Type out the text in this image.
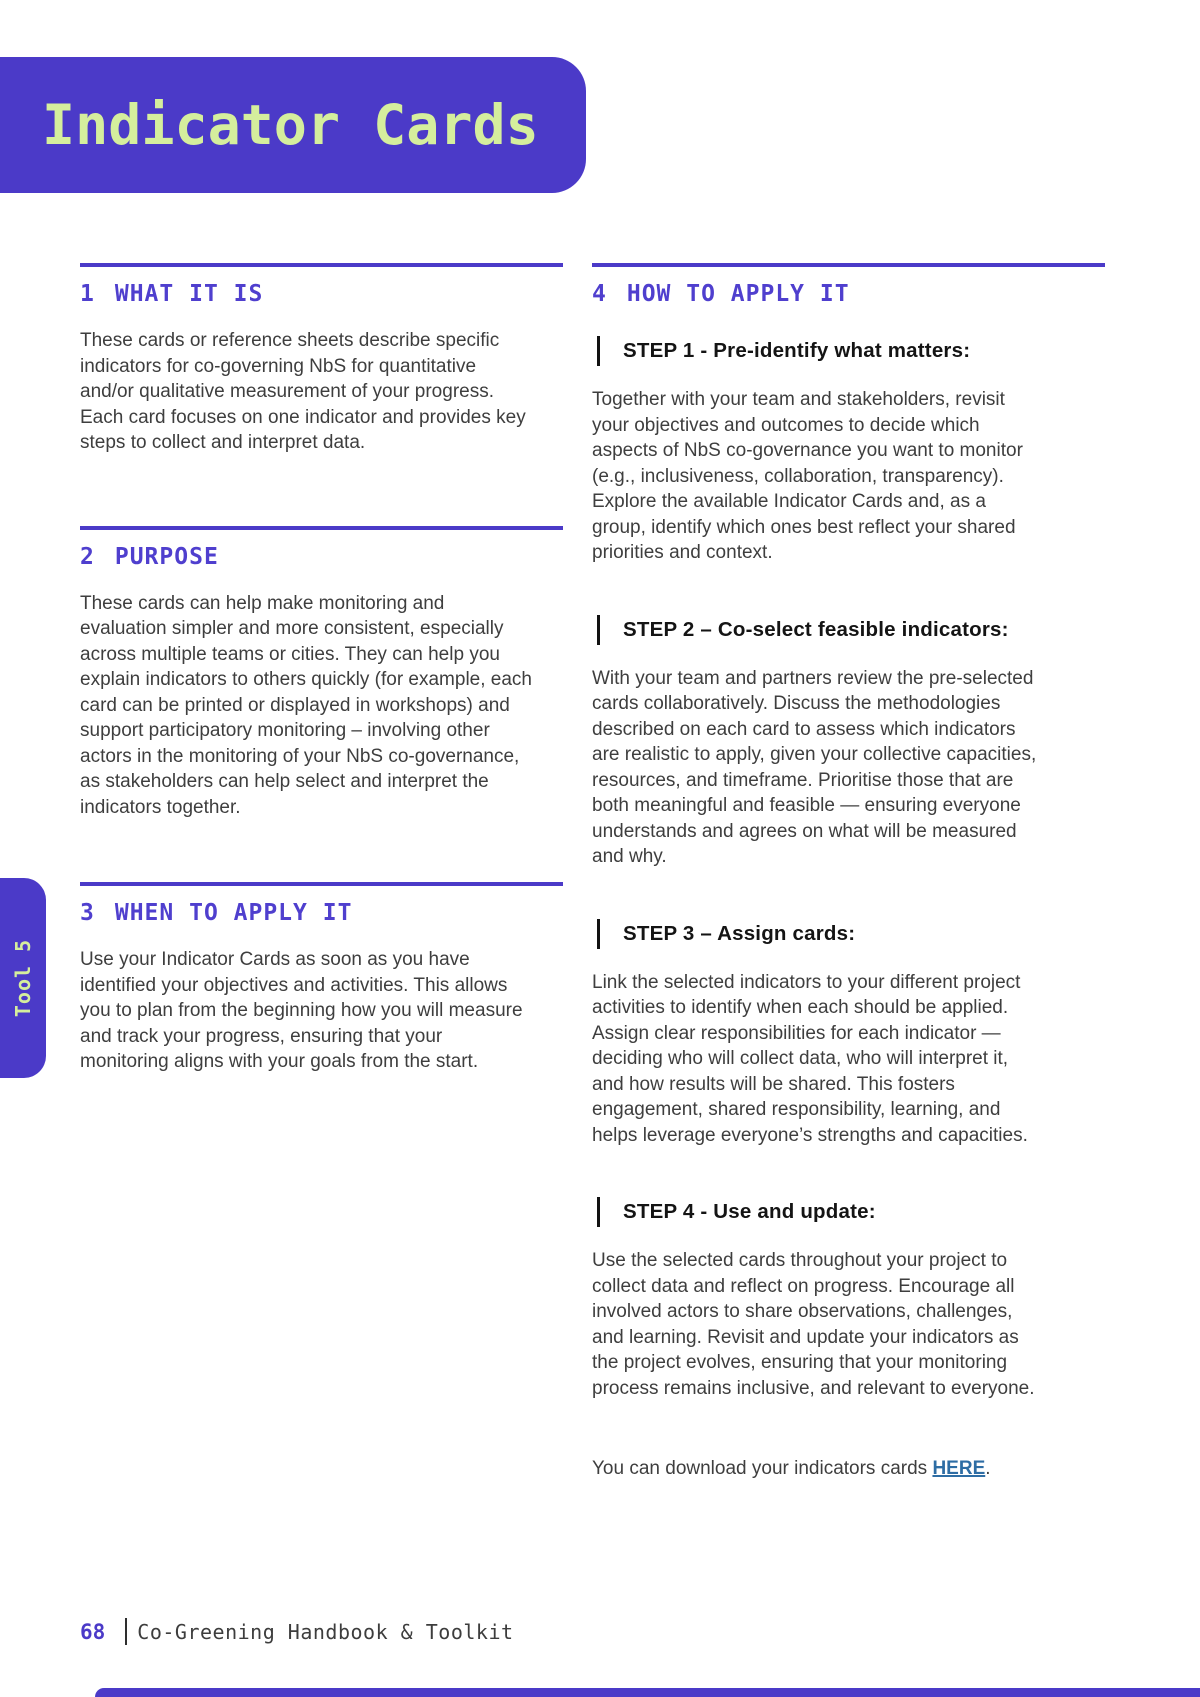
Indicator Cards
1 WHAT IT IS

These cards or reference sheets describe specific indicators for co-governing NbS for quantitative and/or qualitative measurement of your progress. Each card focuses on one indicator and provides key steps to collect and interpret data.

2 PURPOSE

These cards can help make monitoring and evaluation simpler and more consistent, especially across multiple teams or cities. They can help you explain indicators to others quickly (for example, each card can be printed or displayed in workshops) and support participatory monitoring – involving other actors in the monitoring of your NbS co-governance, as stakeholders can help select and interpret the indicators together.

3 WHEN TO APPLY IT

Use your Indicator Cards as soon as you have identified your objectives and activities. This allows you to plan from the beginning how you will measure and track your progress, ensuring that your monitoring aligns with your goals from the start.

4 HOW TO APPLY IT
STEP 1 - Pre-identify what matters:

Together with your team and stakeholders, revisit your objectives and outcomes to decide which aspects of NbS co-governance you want to monitor (e.g., inclusiveness, collaboration, transparency). Explore the available Indicator Cards and, as a group, identify which ones best reflect your shared priorities and context.

STEP 2 – Co-select feasible indicators:

With your team and partners review the pre-selected cards collaboratively. Discuss the methodologies described on each card to assess which indicators are realistic to apply, given your collective capacities, resources, and timeframe. Prioritise those that are both meaningful and feasible — ensuring everyone understands and agrees on what will be measured and why.

STEP 3 – Assign cards:

Link the selected indicators to your different project activities to identify when each should be applied. Assign clear responsibilities for each indicator — deciding who will collect data, who will interpret it, and how results will be shared. This fosters engagement, shared responsibility, learning, and helps leverage everyone’s strengths and capacities.

STEP 4 - Use and update:

Use the selected cards throughout your project to collect data and reflect on progress. Encourage all involved actors to share observations, challenges, and learning. Revisit and update your indicators as the project evolves, ensuring that your monitoring process remains inclusive, and relevant to everyone.

You can download your indicators cards HERE.
Tool 5
68 Co-Greening Handbook & Toolkit
